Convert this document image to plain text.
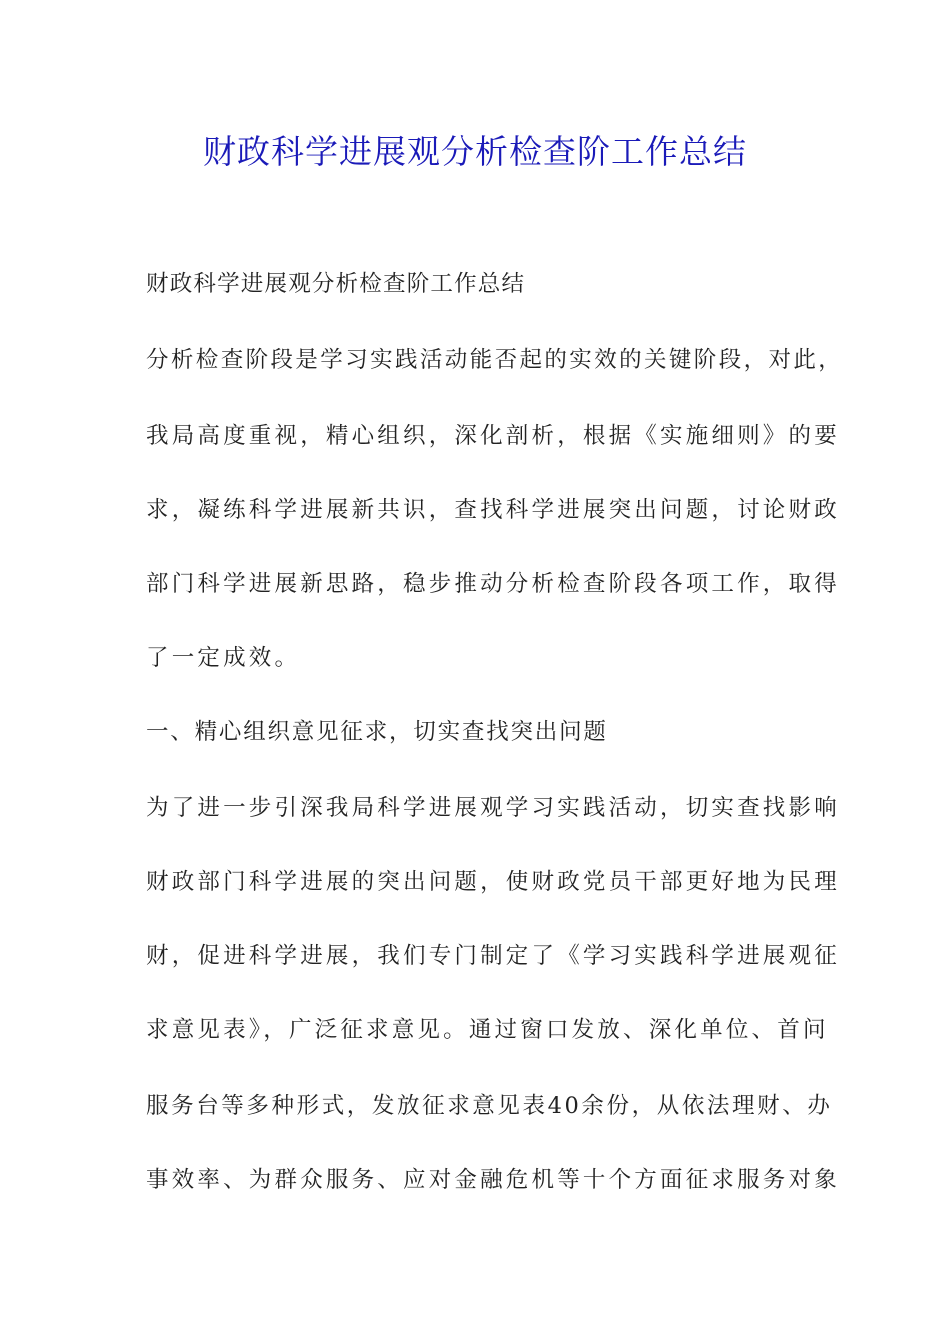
财政科学进展观分析检查阶工作总结

财政科学进展观分析检查阶工作总结

分析检查阶段是学习实践活动能否起的实效的关键阶段，对此，

我局高度重视，精心组织，深化剖析，根据《实施细则》的要

求，凝练科学进展新共识，查找科学进展突出问题，讨论财政

部门科学进展新思路，稳步推动分析检查阶段各项工作，取得

了一定成效。

一、精心组织意见征求，切实查找突出问题

为了进一步引深我局科学进展观学习实践活动，切实查找影响

财政部门科学进展的突出问题，使财政党员干部更好地为民理

财，促进科学进展，我们专门制定了《学习实践科学进展观征

求意见表》，广泛征求意见。通过窗口发放、深化单位、首问

服务台等多种形式，发放征求意见表40余份，从依法理财、办

事效率、为群众服务、应对金融危机等十个方面征求服务对象
